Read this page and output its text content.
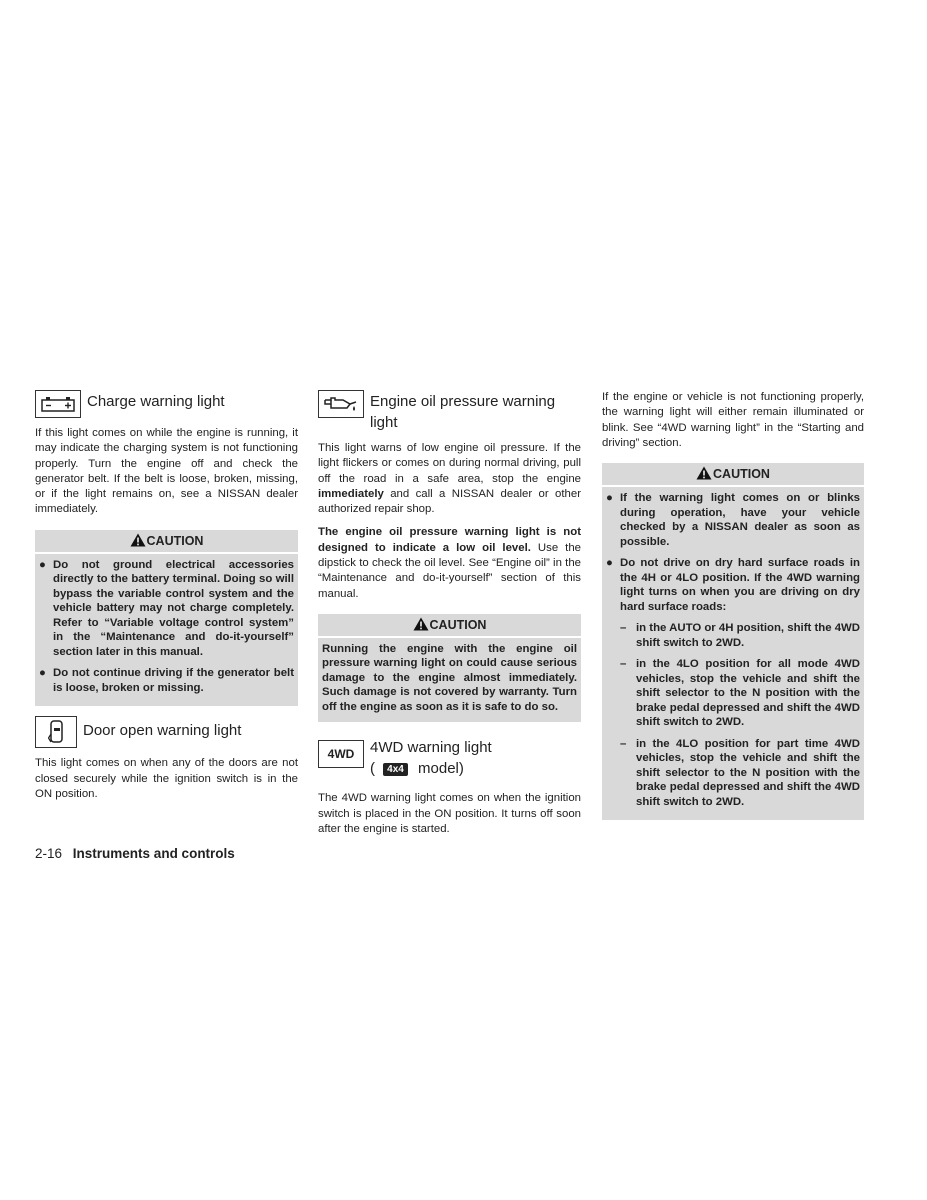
Charge warning light

If this light comes on while the engine is running, it may indicate the charging system is not functioning properly. Turn the engine off and check the generator belt. If the belt is loose, broken, missing, or if the light remains on, see a NISSAN dealer immediately.

CAUTION
● Do not ground electrical accessories directly to the battery terminal. Doing so will bypass the variable control system and the vehicle battery may not charge completely. Refer to “Variable voltage control system” in the “Maintenance and do-it-yourself” section later in this manual.
● Do not continue driving if the generator belt is loose, broken or missing.
Door open warning light

This light comes on when any of the doors are not closed securely while the ignition switch is in the ON position.

Engine oil pressure warning light

This light warns of low engine oil pressure. If the light flickers or comes on during normal driving, pull off the road in a safe area, stop the engine immediately and call a NISSAN dealer or other authorized repair shop.

The engine oil pressure warning light is not designed to indicate a low oil level. Use the dipstick to check the oil level. See “Engine oil” in the “Maintenance and do-it-yourself” section of this manual.

CAUTION
Running the engine with the engine oil pressure warning light on could cause serious damage to the engine almost immediately. Such damage is not covered by warranty. Turn off the engine as soon as it is safe to do so.
4WD 4WD warning light
( 4x4 model)

The 4WD warning light comes on when the ignition switch is placed in the ON position. It turns off soon after the engine is started.

If the engine or vehicle is not functioning properly, the warning light will either remain illuminated or blink. See “4WD warning light” in the “Starting and driving” section.

CAUTION
● If the warning light comes on or blinks during operation, have your vehicle checked by a NISSAN dealer as soon as possible.
● Do not drive on dry hard surface roads in the 4H or 4LO position. If the 4WD warning light turns on when you are driving on dry hard surface roads:
– in the AUTO or 4H position, shift the 4WD shift switch to 2WD.
– in the 4LO position for all mode 4WD vehicles, stop the vehicle and shift the shift selector to the N position with the brake pedal depressed and shift the 4WD shift switch to 2WD.
– in the 4LO position for part time 4WD vehicles, stop the vehicle and shift the shift selector to the N position with the brake pedal depressed and shift the 4WD shift switch to 2WD.
2-16 Instruments and controls
